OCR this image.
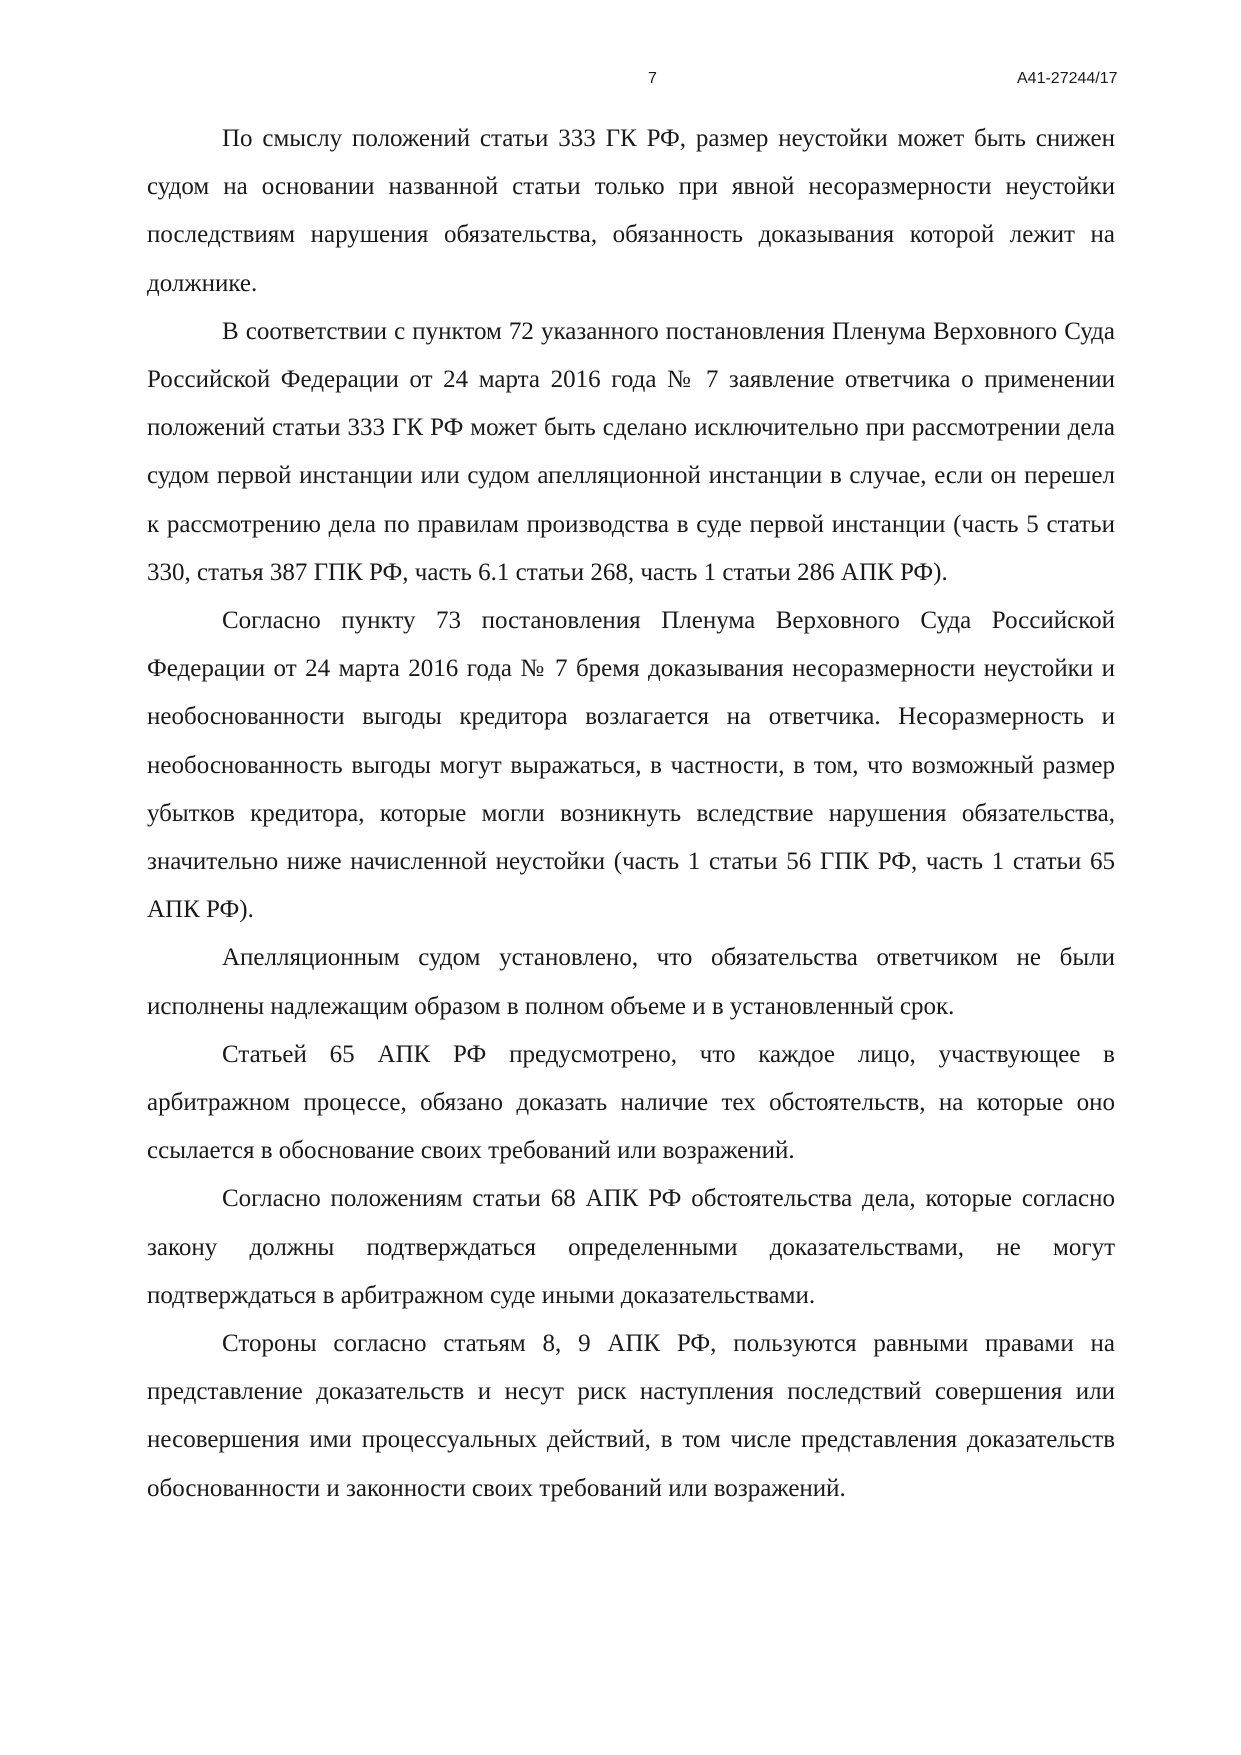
7	А41-27244/17

По смыслу положений статьи 333 ГК РФ, размер неустойки может быть снижен судом на основании названной статьи только при явной несоразмерности неустойки последствиям нарушения обязательства, обязанность доказывания которой лежит на должнике.

В соответствии с пунктом 72 указанного постановления Пленума Верховного Суда Российской Федерации от 24 марта 2016 года № 7 заявление ответчика о применении положений статьи 333 ГК РФ может быть сделано исключительно при рассмотрении дела судом первой инстанции или судом апелляционной инстанции в случае, если он перешел к рассмотрению дела по правилам производства в суде первой инстанции (часть 5 статьи 330, статья 387 ГПК РФ, часть 6.1 статьи 268, часть 1 статьи 286 АПК РФ).

Согласно пункту 73 постановления Пленума Верховного Суда Российской Федерации от 24 марта 2016 года № 7 бремя доказывания несоразмерности неустойки и необоснованности выгоды кредитора возлагается на ответчика. Несоразмерность и необоснованность выгоды могут выражаться, в частности, в том, что возможный размер убытков кредитора, которые могли возникнуть вследствие нарушения обязательства, значительно ниже начисленной неустойки (часть 1 статьи 56 ГПК РФ, часть 1 статьи 65 АПК РФ).

Апелляционным судом установлено, что обязательства ответчиком не были исполнены надлежащим образом в полном объеме и в установленный срок.

Статьей 65 АПК РФ предусмотрено, что каждое лицо, участвующее в арбитражном процессе, обязано доказать наличие тех обстоятельств, на которые оно ссылается в обоснование своих требований или возражений.

Согласно положениям статьи 68 АПК РФ обстоятельства дела, которые согласно закону должны подтверждаться определенными доказательствами, не могут подтверждаться в арбитражном суде иными доказательствами.

Стороны согласно статьям 8, 9 АПК РФ, пользуются равными правами на представление доказательств и несут риск наступления последствий совершения или несовершения ими процессуальных действий, в том числе представления доказательств обоснованности и законности своих требований или возражений.
